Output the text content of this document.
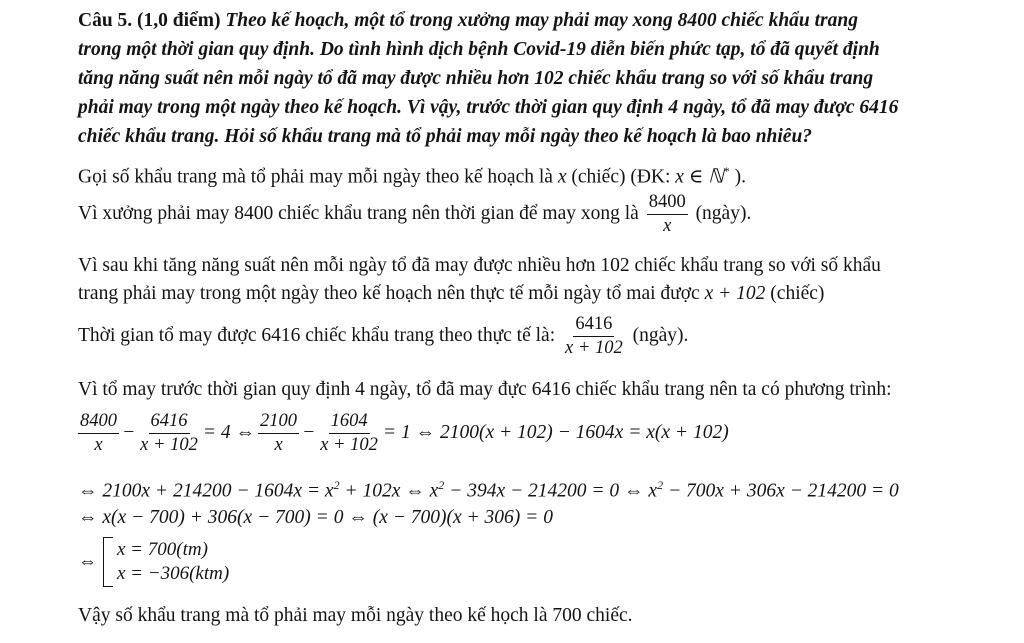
Câu 5. (1,0 điểm) Theo kế hoạch, một tổ trong xưởng may phải may xong 8400 chiếc khẩu trang
trong một thời gian quy định. Do tình hình dịch bệnh Covid-19 diễn biến phức tạp, tổ đã quyết định
tăng năng suất nên mỗi ngày tổ đã may được nhiều hơn 102 chiếc khẩu trang so với số khẩu trang
phải may trong một ngày theo kế hoạch. Vì vậy, trước thời gian quy định 4 ngày, tổ đã may được 6416
chiếc khẩu trang. Hỏi số khẩu trang mà tổ phải may mỗi ngày theo kế hoạch là bao nhiêu?
Gọi số khẩu trang mà tổ phải may mỗi ngày theo kế hoạch là x (chiếc) (ĐK: x ∈ ℕ* ).
Vì xưởng phải may 8400 chiếc khẩu trang nên thời gian để may xong là $\frac{8400}{x}$ (ngày).
Vì sau khi tăng năng suất nên mỗi ngày tổ đã may được nhiều hơn 102 chiếc khẩu trang so với số khẩu
trang phải may trong một ngày theo kế hoạch nên thực tế mỗi ngày tổ mai được x + 102 (chiếc)
Thời gian tổ may được 6416 chiếc khẩu trang theo thực tế là: $\frac{6416}{x + 102}$ (ngày).
Vì tổ may trước thời gian quy định 4 ngày, tổ đã may đực 6416 chiếc khẩu trang nên ta có phương trình:
$\frac{8400}{x} - \frac{6416}{x + 102} = 4$ ⇔ $\frac{2100}{x} - \frac{1604}{x + 102} = 1$ ⇔ 2100(x + 102) − 1604x = x(x + 102)
⇔ $2100x + 214200 - 1604x = x^2 + 102x$ ⇔ $x^2 - 394x - 214200 = 0$ ⇔ $x^2 - 700x + 306x - 214200 = 0$
⇔ x(x − 700) + 306(x − 700) = 0 ⇔ (x − 700)(x + 306) = 0
⇔
x = 700(tm)
x = −306(ktm)
Vậy số khẩu trang mà tổ phải may mỗi ngày theo kế họch là 700 chiếc.
